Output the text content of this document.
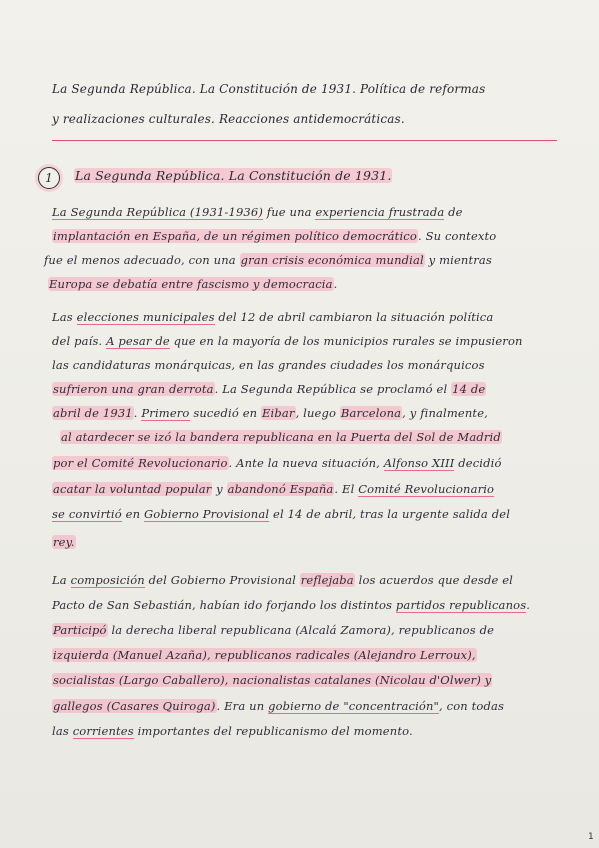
La Segunda República. La Constitución de 1931. Política de reformas
y realizaciones culturales. Reacciones antidemocráticas.
1	La Segunda República. La Constitución de 1931.
La Segunda República (1931-1936) fue una experiencia frustrada de
implantación en España, de un régimen político democrático. Su contexto
fue el menos adecuado, con una gran crisis económica mundial y mientras
Europa se debatía entre fascismo y democracia.
Las elecciones municipales del 12 de abril cambiaron la situación política
del país. A pesar de que en la mayoría de los municipios rurales se impusieron
las candidaturas monárquicas, en las grandes ciudades los monárquicos
sufrieron una gran derrota. La Segunda República se proclamó el 14 de
abril de 1931. Primero sucedió en Eibar, luego Barcelona, y finalmente,
al atardecer se izó la bandera republicana en la Puerta del Sol de Madrid
por el Comité Revolucionario. Ante la nueva situación, Alfonso XIII decidió
acatar la voluntad popular y abandonó España. El Comité Revolucionario
se convirtió en Gobierno Provisional el 14 de abril, tras la urgente salida del
rey.
La composición del Gobierno Provisional reflejaba los acuerdos que desde el
Pacto de San Sebastián, habían ido forjando los distintos partidos republicanos.
Participó la derecha liberal republicana (Alcalá Zamora), republicanos de
izquierda (Manuel Azaña), republicanos radicales (Alejandro Lerroux),
socialistas (Largo Caballero), nacionalistas catalanes (Nicolau d'Olwer) y
gallegos (Casares Quiroga). Era un gobierno de "concentración", con todas
las corrientes importantes del republicanismo del momento.
1
